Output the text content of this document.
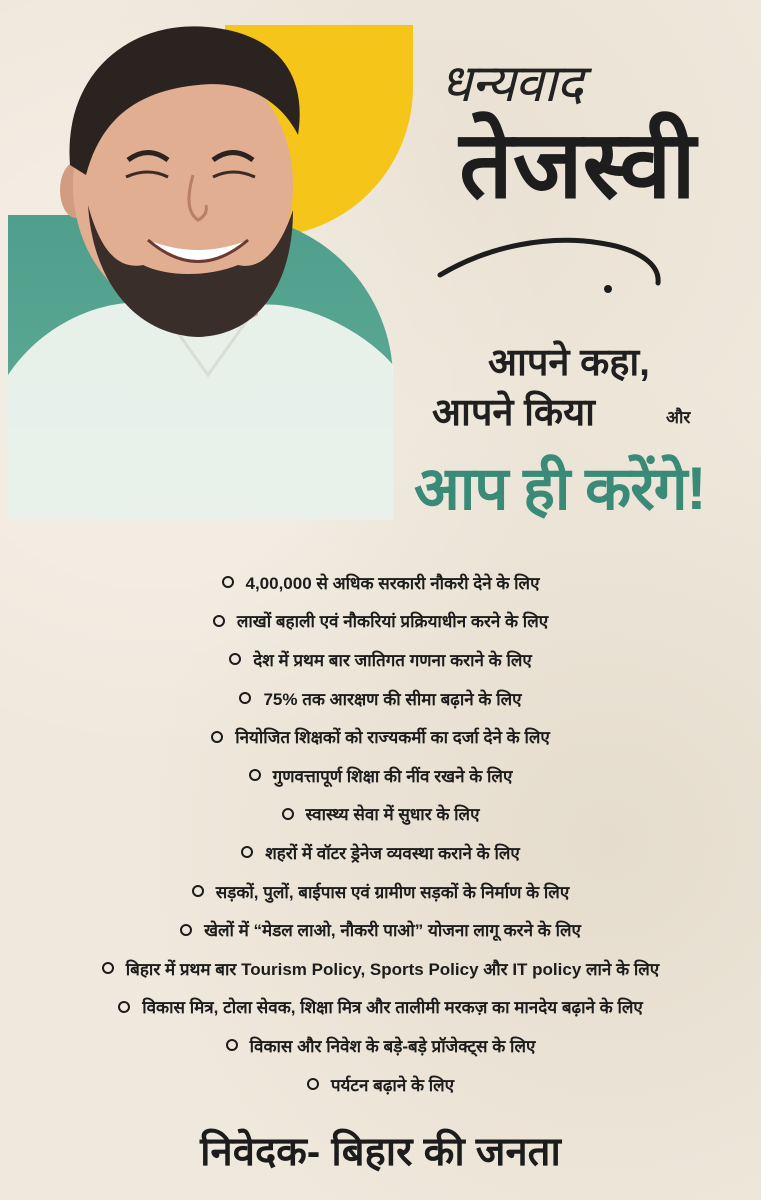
धन्यवाद
तेजस्वी
आपने कहा,
आपने किया	और
आप ही करेंगे!
4,00,000 से अधिक सरकारी नौकरी देने के लिए
लाखों बहाली एवं नौकरियां प्रक्रियाधीन करने के लिए
देश में प्रथम बार जातिगत गणना कराने के लिए
75% तक आरक्षण की सीमा बढ़ाने के लिए
नियोजित शिक्षकों को राज्यकर्मी का दर्जा देने के लिए
गुणवत्तापूर्ण शिक्षा की नींव रखने के लिए
स्वास्थ्य सेवा में सुधार के लिए
शहरों में वॉटर ड्रेनेज व्यवस्था कराने के लिए
सड़कों, पुलों, बाईपास एवं ग्रामीण सड़कों के निर्माण के लिए
खेलों में “मेडल लाओ, नौकरी पाओ” योजना लागू करने के लिए
बिहार में प्रथम बार Tourism Policy, Sports Policy और IT policy लाने के लिए
विकास मित्र, टोला सेवक, शिक्षा मित्र और तालीमी मरकज़ का मानदेय बढ़ाने के लिए
विकास और निवेश के बड़े-बड़े प्रॉजेक्ट्स के लिए
पर्यटन बढ़ाने के लिए
निवेदक- बिहार की जनता
